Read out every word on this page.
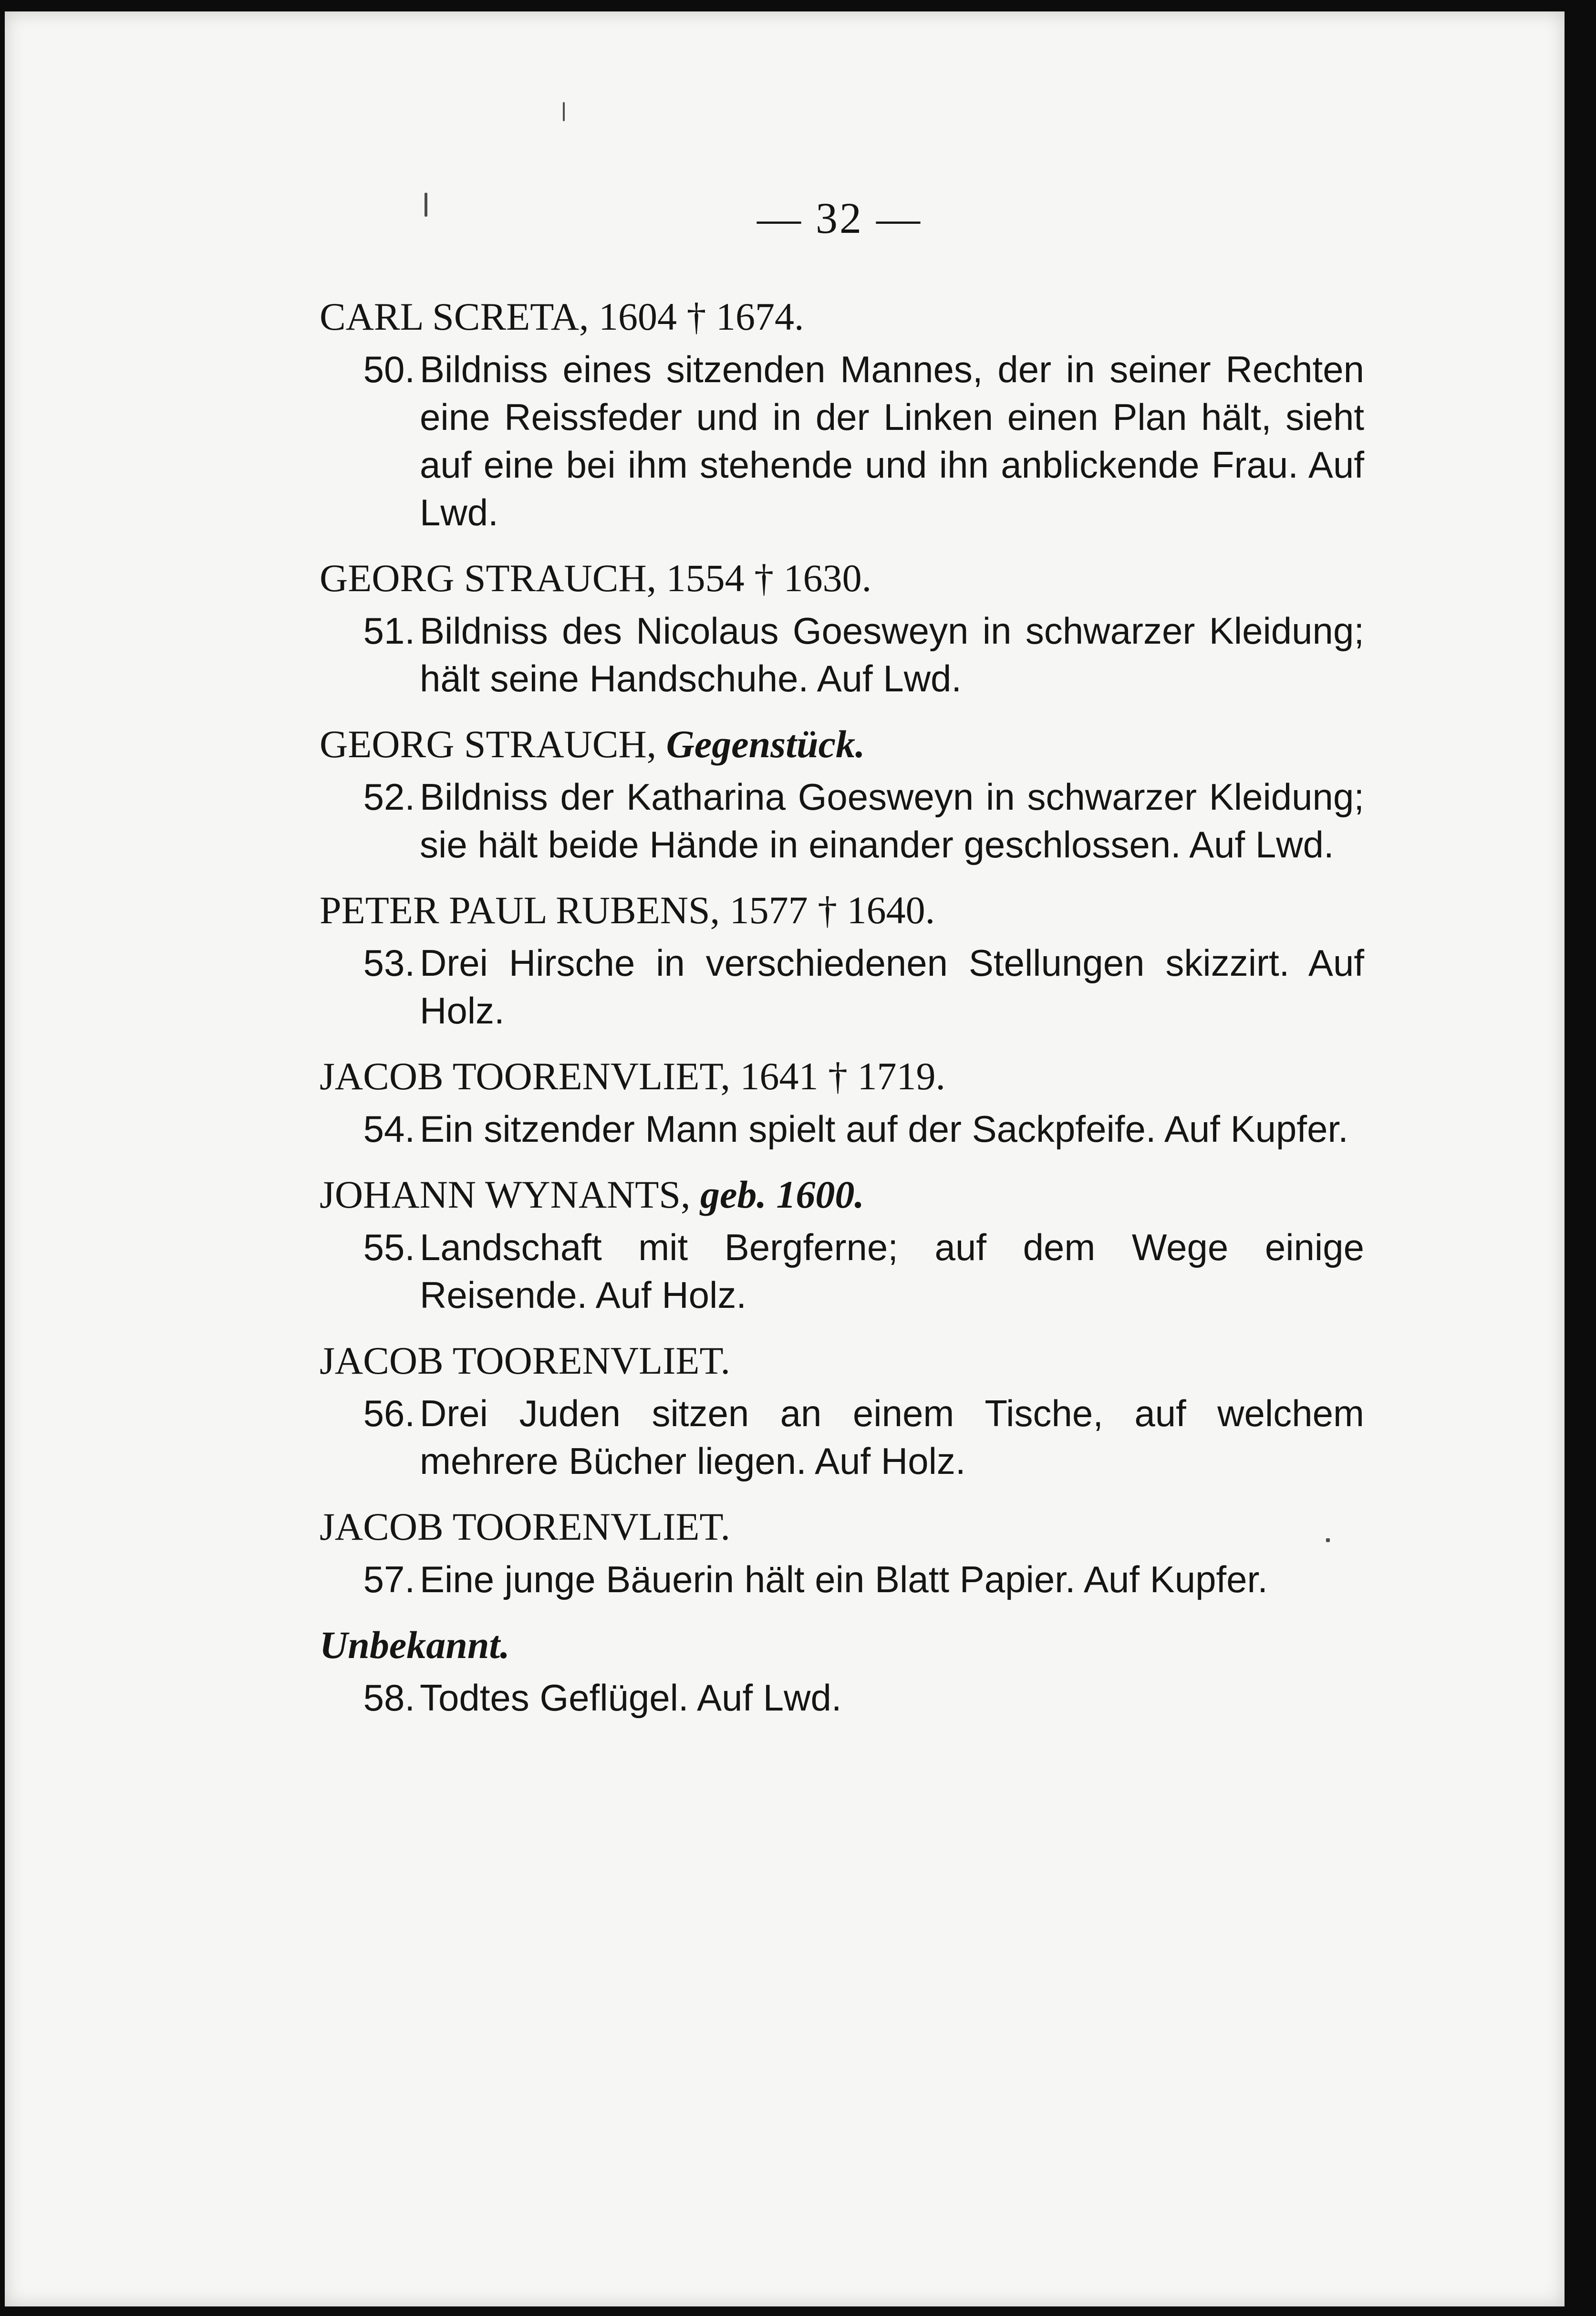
— 32 —
CARL SCRETA, 1604 † 1674.
50. Bildniss eines sitzenden Mannes, der in seiner Rechten eine Reissfeder und in der Linken einen Plan hält, sieht auf eine bei ihm stehende und ihn anblickende Frau. Auf Lwd.
GEORG STRAUCH, 1554 † 1630.
51. Bildniss des Nicolaus Goesweyn in schwarzer Kleidung; hält seine Handschuhe. Auf Lwd.
GEORG STRAUCH, Gegenstück.
52. Bildniss der Katharina Goesweyn in schwarzer Kleidung; sie hält beide Hände in einander geschlossen. Auf Lwd.
PETER PAUL RUBENS, 1577 † 1640.
53. Drei Hirsche in verschiedenen Stellungen skizzirt. Auf Holz.
JACOB TOORENVLIET, 1641 † 1719.
54. Ein sitzender Mann spielt auf der Sackpfeife. Auf Kupfer.
JOHANN WYNANTS, geb. 1600.
55. Landschaft mit Bergferne; auf dem Wege einige Reisende. Auf Holz.
JACOB TOORENVLIET.
56. Drei Juden sitzen an einem Tische, auf welchem mehrere Bücher liegen. Auf Holz.
JACOB TOORENVLIET.
57. Eine junge Bäuerin hält ein Blatt Papier. Auf Kupfer.
Unbekannt.
58. Todtes Geflügel. Auf Lwd.
